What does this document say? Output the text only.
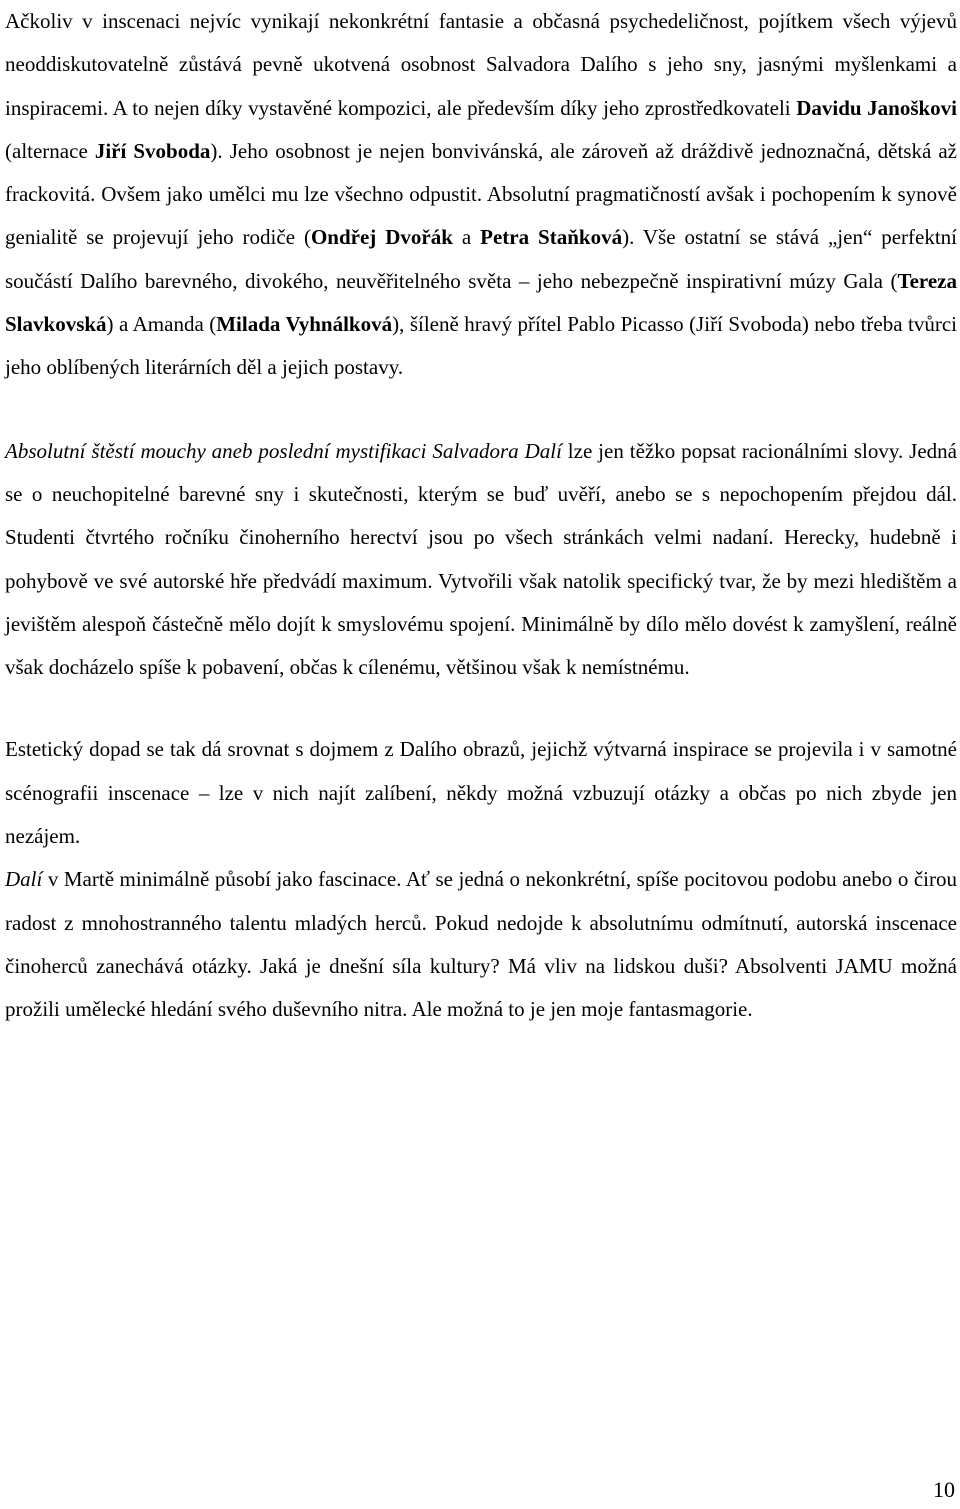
Ačkoliv v inscenaci nejvíc vynikají nekonkrétní fantasie a občasná psychedeličnost, pojítkem všech výjevů neoddiskutovatelně zůstává pevně ukotvená osobnost Salvadora Dalího s jeho sny, jasnými myšlenkami a inspiracemi. A to nejen díky vystavěné kompozici, ale především díky jeho zprostředkovateli Davidu Janoškovi (alternace Jiří Svoboda). Jeho osobnost je nejen bonvivánská, ale zároveň až dráždivě jednoznačná, dětská až frackovitá. Ovšem jako umělci mu lze všechno odpustit. Absolutní pragmatičností avšak i pochopením k synově genialitě se projevují jeho rodiče (Ondřej Dvořák a Petra Staňková). Vše ostatní se stává „jen“ perfektní součástí Dalího barevného, divokého, neuvěřitelného světa – jeho nebezpečně inspirativní múzy Gala (Tereza Slavkovská) a Amanda (Milada Vyhnálková), šíleně hravý přítel Pablo Picasso (Jiří Svoboda) nebo třeba tvůrci jeho oblíbených literárních děl a jejich postavy.

Absolutní štěstí mouchy aneb poslední mystifikaci Salvadora Dalí lze jen těžko popsat racionálními slovy. Jedná se o neuchopitelné barevné sny i skutečnosti, kterým se buď uvěří, anebo se s nepochopením přejdou dál. Studenti čtvrtého ročníku činoherního herectví jsou po všech stránkách velmi nadaní. Herecky, hudebně i pohybově ve své autorské hře předvádí maximum. Vytvořili však natolik specifický tvar, že by mezi hledištěm a jevištěm alespoň částečně mělo dojít k smyslovému spojení. Minimálně by dílo mělo dovést k zamyšlení, reálně však docházelo spíše k pobavení, občas k cílenému, většinou však k nemístnému.

Estetický dopad se tak dá srovnat s dojmem z Dalího obrazů, jejichž výtvarná inspirace se projevila i v samotné scénografii inscenace – lze v nich najít zalíbení, někdy možná vzbuzují otázky a občas po nich zbyde jen nezájem.

Dalí v Martě minimálně působí jako fascinace. Ať se jedná o nekonkrétní, spíše pocitovou podobu anebo o čirou radost z mnohostranného talentu mladých herců. Pokud nedojde k absolutnímu odmítnutí, autorská inscenace činoherců zanechává otázky. Jaká je dnešní síla kultury? Má vliv na lidskou duši? Absolventi JAMU možná prožili umělecké hledání svého duševního nitra. Ale možná to je jen moje fantasmagorie.

10
